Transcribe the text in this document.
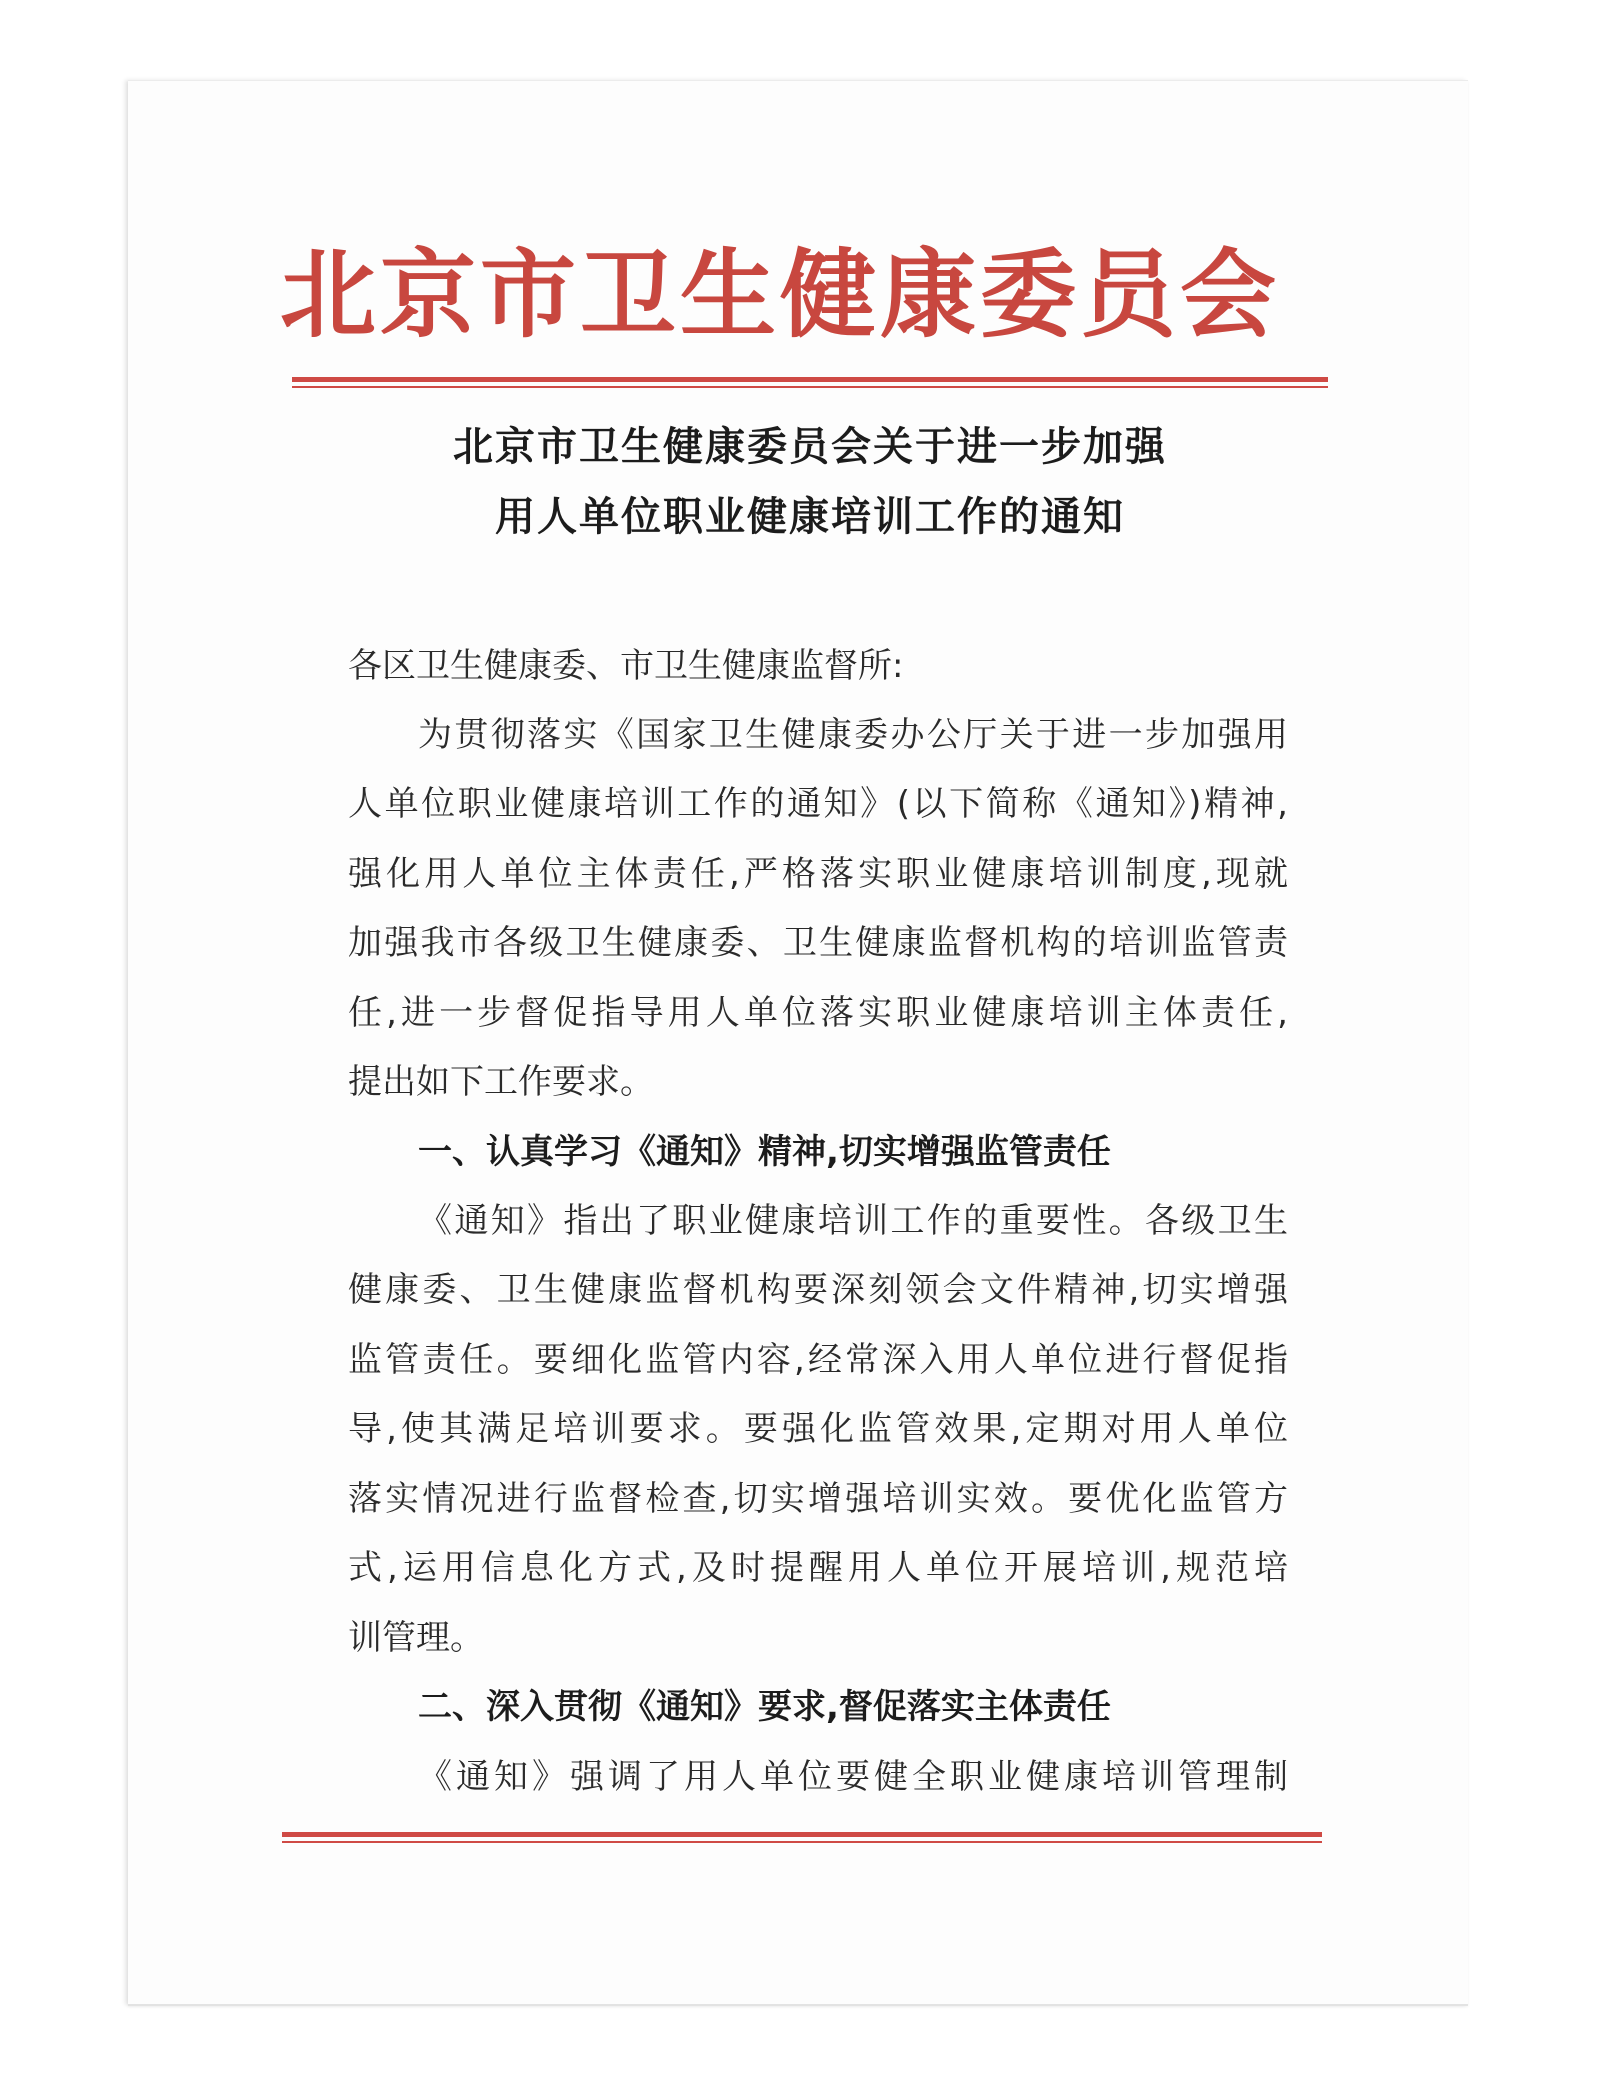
北京市卫生健康委员会
北京市卫生健康委员会关于进一步加强
用人单位职业健康培训工作的通知
各区卫生健康委、市卫生健康监督所:
为贯彻落实《国家卫生健康委办公厅关于进一步加强用
人单位职业健康培训工作的通知》(以下简称《通知》)精神,
强化用人单位主体责任,严格落实职业健康培训制度,现就
加强我市各级卫生健康委、卫生健康监督机构的培训监管责
任,进一步督促指导用人单位落实职业健康培训主体责任,
提出如下工作要求。
一、认真学习《通知》精神,切实增强监管责任
《通知》指出了职业健康培训工作的重要性。各级卫生
健康委、卫生健康监督机构要深刻领会文件精神,切实增强
监管责任。要细化监管内容,经常深入用人单位进行督促指
导,使其满足培训要求。要强化监管效果,定期对用人单位
落实情况进行监督检查,切实增强培训实效。要优化监管方
式,运用信息化方式,及时提醒用人单位开展培训,规范培
训管理。
二、深入贯彻《通知》要求,督促落实主体责任
《通知》强调了用人单位要健全职业健康培训管理制
